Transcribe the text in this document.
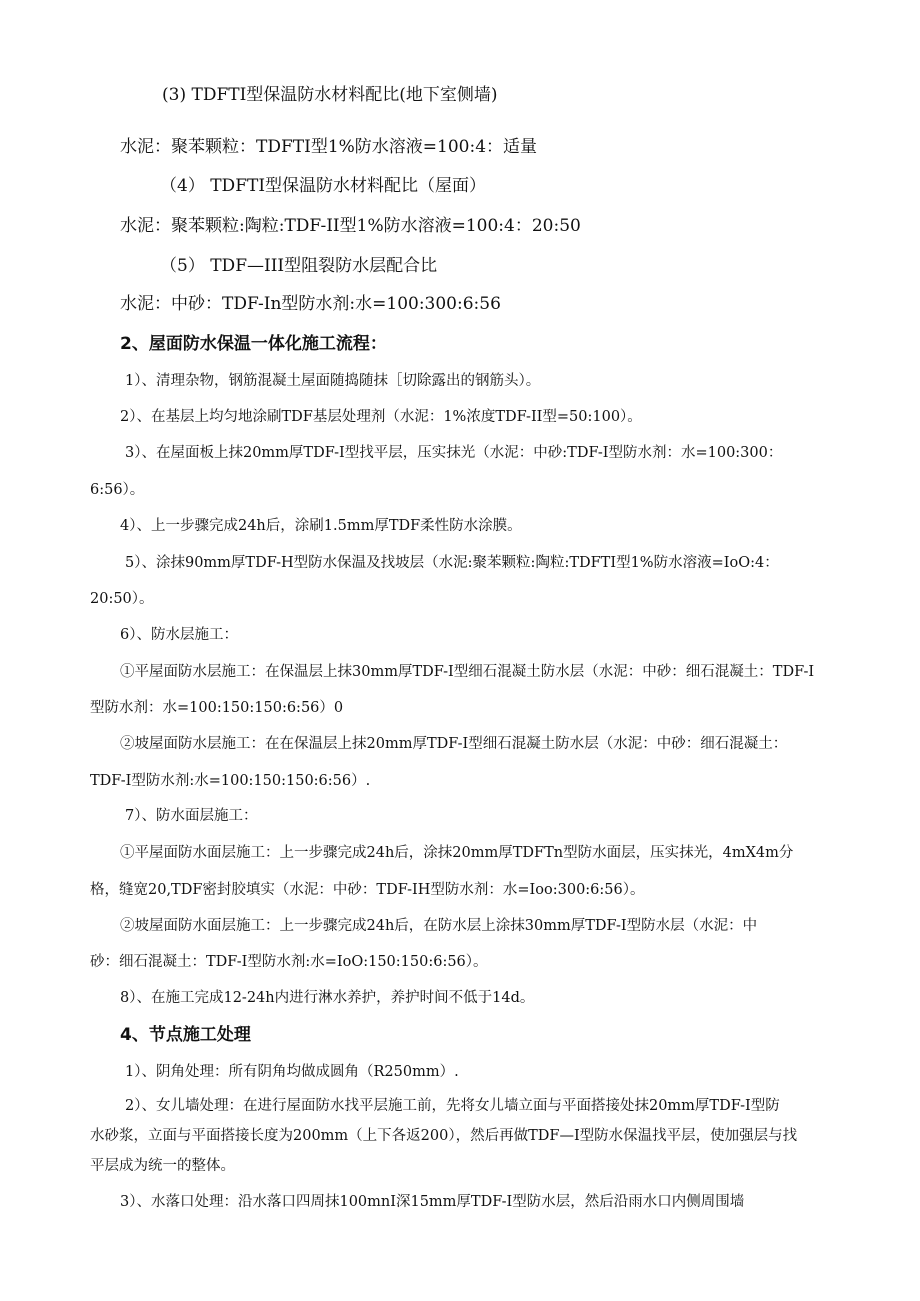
(3) TDFTI型保温防水材料配比(地下室侧墙)
水泥：聚苯颗粒：TDFTI型1%防水溶液=100:4：适量
（4） TDFTI型保温防水材料配比（屋面）
水泥：聚苯颗粒:陶粒:TDF-II型1%防水溶液=100:4：20:50
（5） TDF—III型阻裂防水层配合比
水泥：中砂：TDF-In型防水剂:水=100:300:6:56
2、屋面防水保温一体化施工流程：
1）、清理杂物，钢筋混凝土屋面随捣随抹［切除露出的钢筋头）。
2）、在基层上均匀地涂刷TDF基层处理剂（水泥：1%浓度TDF-II型=50:100）。
3）、在屋面板上抹20mm厚TDF-I型找平层，压实抹光（水泥：中砂:TDF-I型防水剂：水=100:300：
6:56）。
4）、上一步骤完成24h后，涂刷1.5mm厚TDF柔性防水涂膜。
5）、涂抹90mm厚TDF-H型防水保温及找坡层（水泥:聚苯颗粒:陶粒:TDFTI型1%防水溶液=IoO:4：
20:50）。
6）、防水层施工：
①平屋面防水层施工：在保温层上抹30mm厚TDF-I型细石混凝土防水层（水泥：中砂：细石混凝土：TDF-I
型防水剂：水=100:150:150:6:56）0
②坡屋面防水层施工：在在保温层上抹20mm厚TDF-I型细石混凝土防水层（水泥：中砂：细石混凝土：
TDF-I型防水剂:水=100:150:150:6:56）.
7）、防水面层施工：
①平屋面防水面层施工：上一步骤完成24h后，涂抹20mm厚TDFTn型防水面层，压实抹光，4mX4m分
格，缝宽20,TDF密封胶填实（水泥：中砂：TDF-IH型防水剂：水=Ioo:300:6:56）。
②坡屋面防水面层施工：上一步骤完成24h后，在防水层上涂抹30mm厚TDF-I型防水层（水泥：中
砂：细石混凝土：TDF-I型防水剂:水=IoO:150:150:6:56）。
8）、在施工完成12-24h内进行淋水养护，养护时间不低于14d。
4、节点施工处理
1）、阴角处理：所有阴角均做成圆角（R250mm）.
2）、女儿墙处理：在进行屋面防水找平层施工前，先将女儿墙立面与平面搭接处抹20mm厚TDF-I型防
水砂浆，立面与平面搭接长度为200mm（上下各返200），然后再做TDF—I型防水保温找平层，使加强层与找
平层成为统一的整体。
3）、水落口处理：沿水落口四周抹100mnI深15mm厚TDF-I型防水层，然后沿雨水口内侧周围墙
